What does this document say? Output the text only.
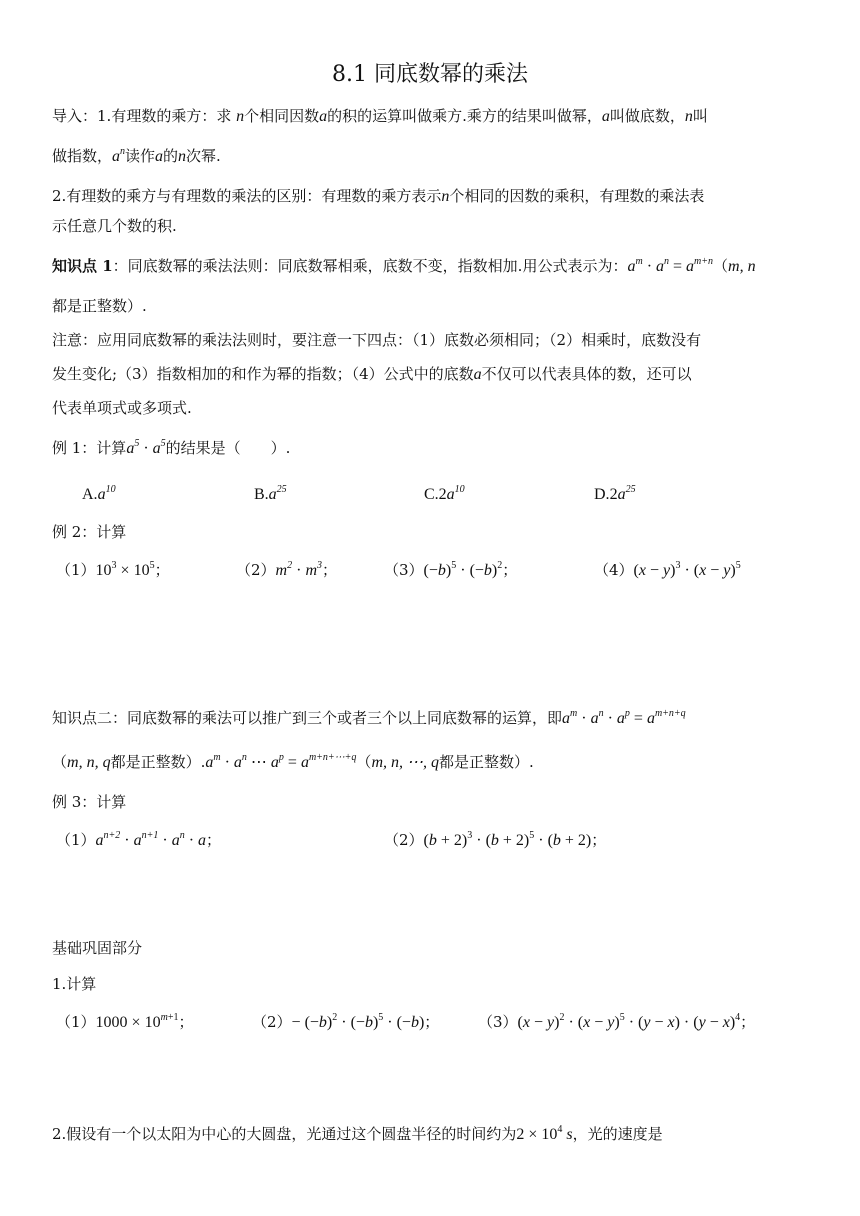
8.1 同底数幂的乘法
导入：1.有理数的乘方：求 n个相同因数a的积的运算叫做乘方.乘方的结果叫做幂，a叫做底数，n叫
做指数，$a^n$读作a的n次幂.
2.有理数的乘方与有理数的乘法的区别：有理数的乘方表示n个相同的因数的乘积，有理数的乘法表
示任意几个数的积.
知识点 1：同底数幂的乘法法则：同底数幂相乘，底数不变，指数相加.用公式表示为：$a^m \cdot a^n = a^{m+n}(m$, n
都是正整数）.
注意：应用同底数幂的乘法法则时，要注意一下四点：（1）底数必须相同；（2）相乘时，底数没有
发生变化;（3）指数相加的和作为幂的指数；（4）公式中的底数a不仅可以代表具体的数，还可以
代表单项式或多项式.
例 1：计算$a^5 \cdot a^5$的结果是（　　）.
$A.a^{10}$	$B.a^{25}$	$C.2a^{10}$	$D.2a^{25}$
例 2：计算
$(1)10^3 \times 10^5$；	$(2)m^2 \cdot m^3$；	$(3)(-b)^5 \cdot (-b)^2$；	$(4)(x - y)^3 \cdot (x - y)^5$
知识点二：同底数幂的乘法可以推广到三个或者三个以上同底数幂的运算，即$a^m \cdot a^n \cdot a^p = a^{m+n+q}$
（m, n, q都是正整数）$.a^m \cdot a^n$ ⋯ $a^p = a^{m+n+\cdots+q}(m$, n, ⋯, q都是正整数）.
例 3：计算
$(1)a^{n+2} \cdot a^{n+1} \cdot a^n \cdot a$；	$(2)(b + 2)^3 \cdot (b + 2)^5 \cdot (b + 2)$；
基础巩固部分
1.计算
$(1)1000 \times 10^{m+1}$；	$(2)- (-b)^2 \cdot (-b)^5 \cdot (-b)$；	$(3)(x - y)^2 \cdot (x - y)^5 \cdot (y - x) \cdot (y - x)^4$；
2.假设有一个以太阳为中心的大圆盘，光通过这个圆盘半径的时间约为$2 \times 10^4$ s，光的速度是
